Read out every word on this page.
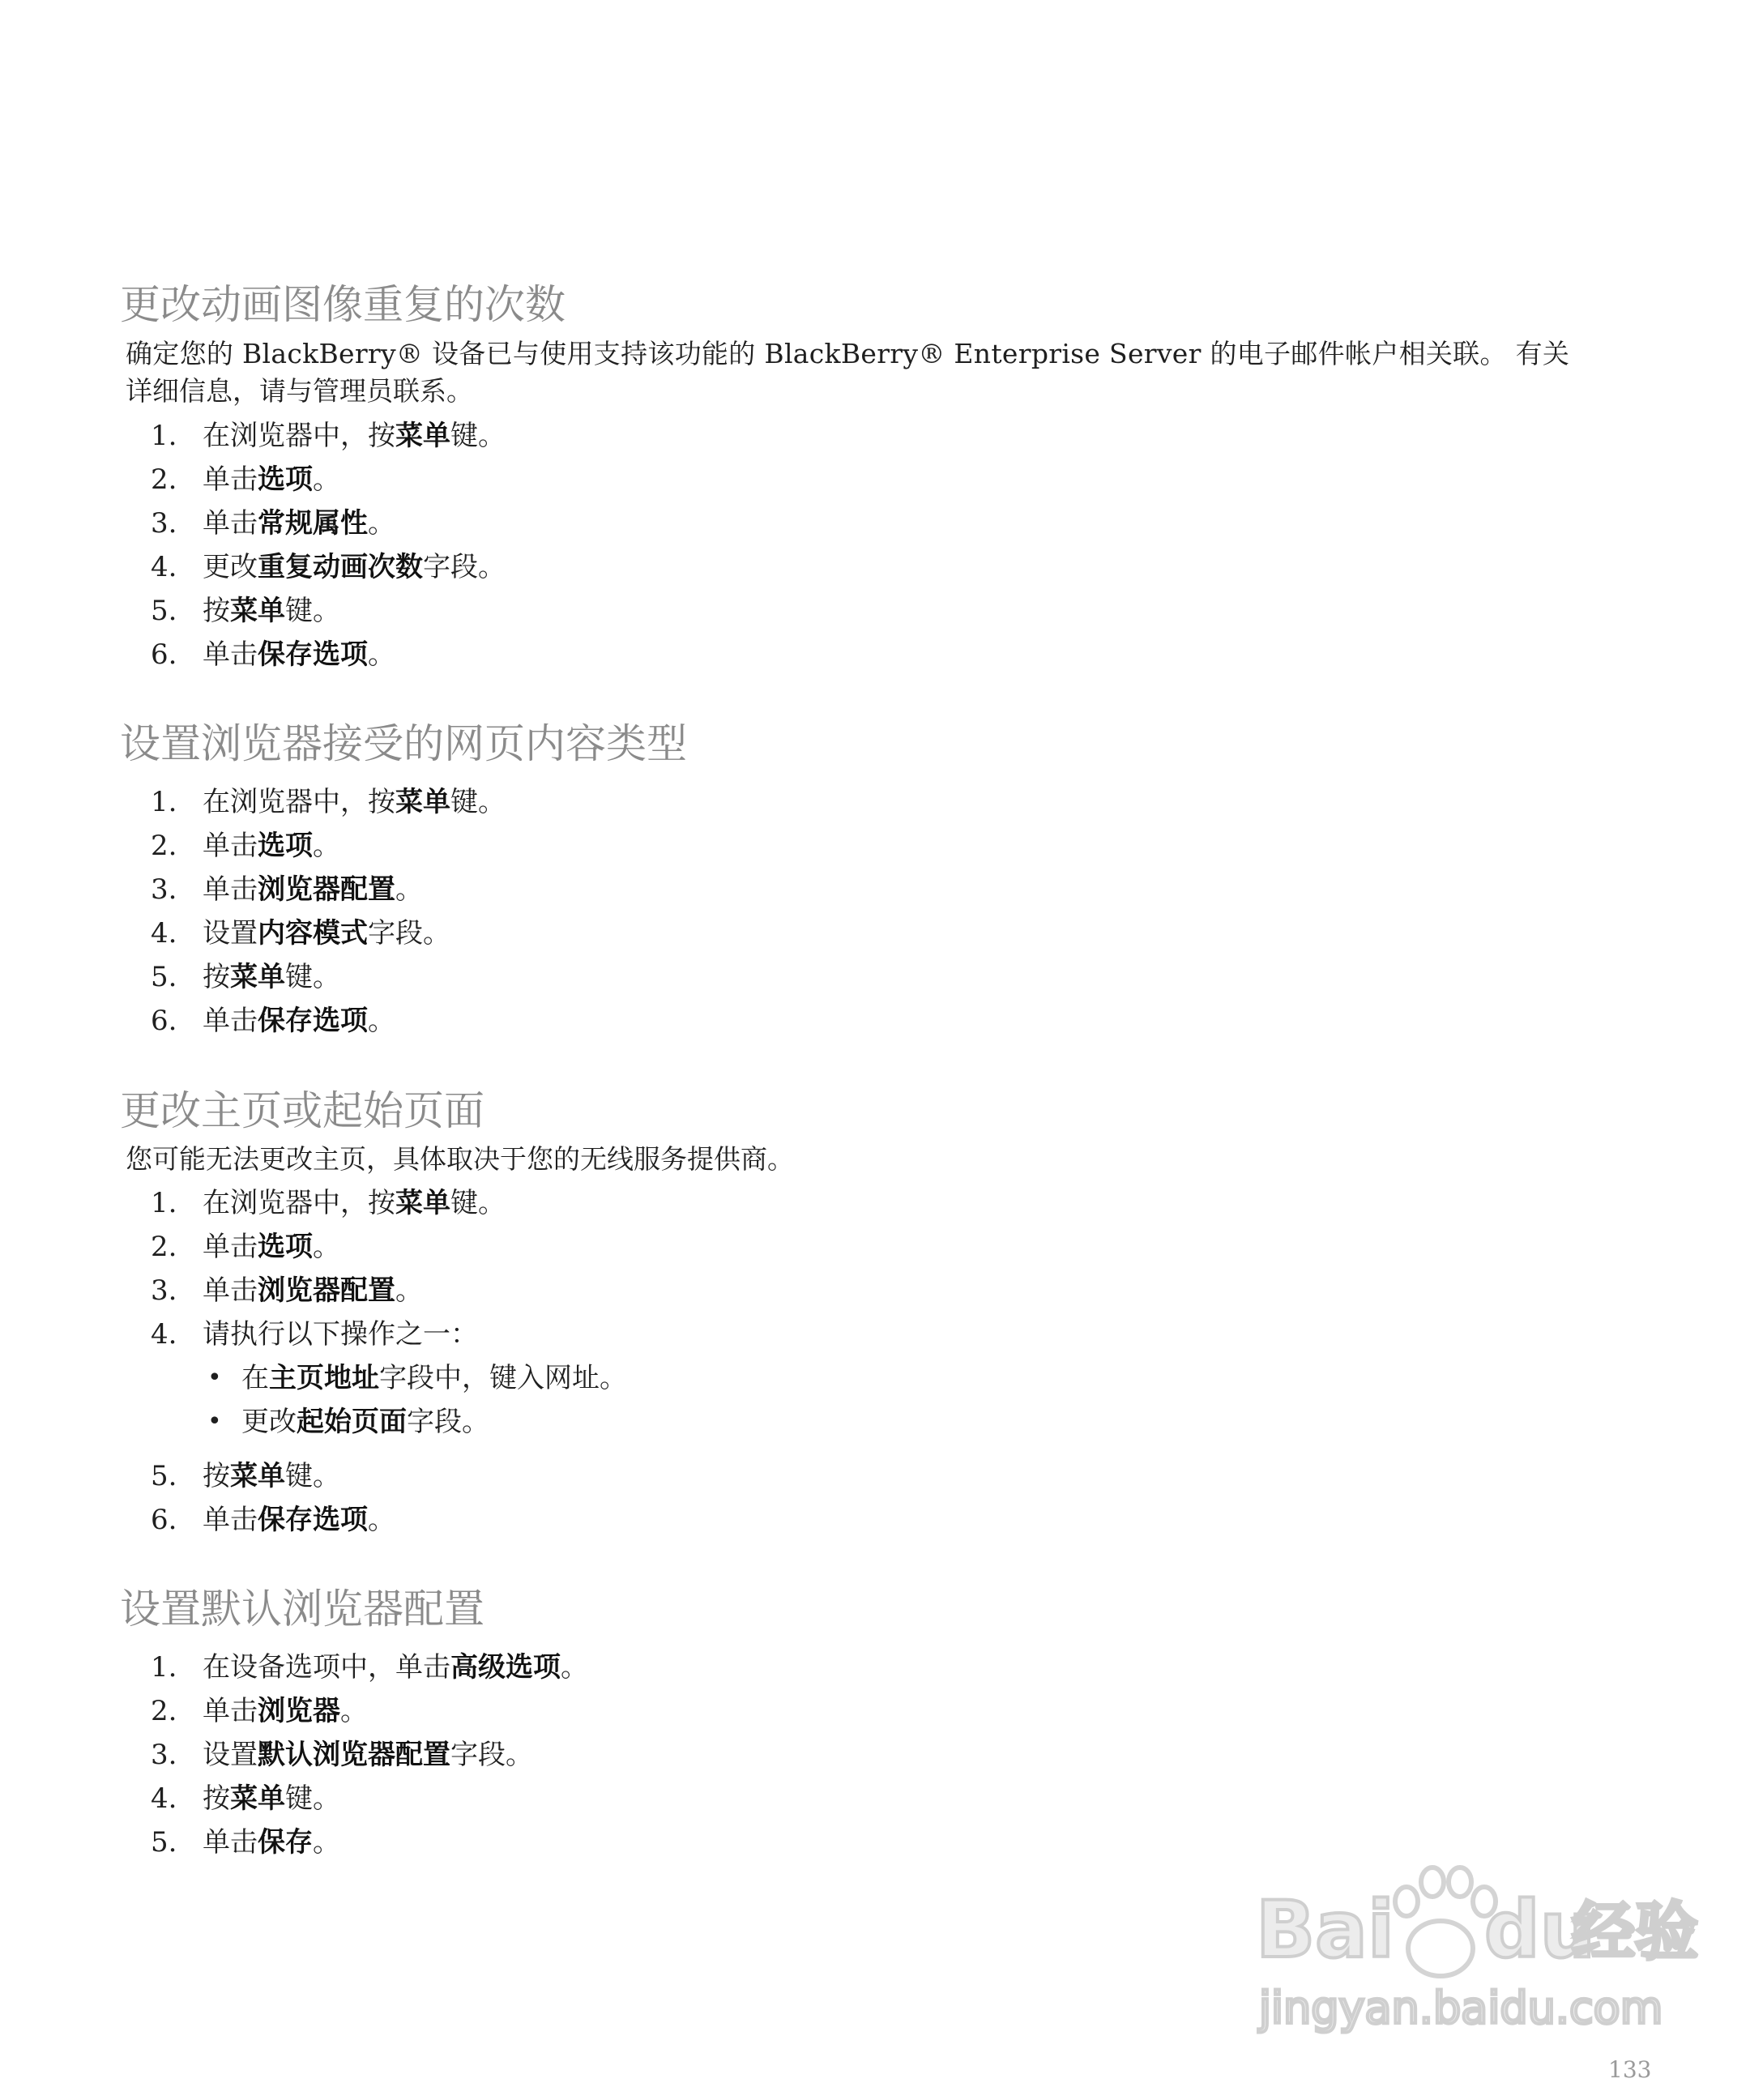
更改动画图像重复的次数

确定您的 BlackBerry® 设备已与使用支持该功能的 BlackBerry® Enterprise Server 的电子邮件帐户相关联。 有关

详细信息，请与管理员联系。

1. 在浏览器中，按菜单键。
2. 单击选项。
3. 单击常规属性。
4. 更改重复动画次数字段。
5. 按菜单键。
6. 单击保存选项。
设置浏览器接受的网页内容类型
1. 在浏览器中，按菜单键。
2. 单击选项。
3. 单击浏览器配置。
4. 设置内容模式字段。
5. 按菜单键。
6. 单击保存选项。
更改主页或起始页面

您可能无法更改主页，具体取决于您的无线服务提供商。

1. 在浏览器中，按菜单键。
2. 单击选项。
3. 单击浏览器配置。
4. 请执行以下操作之一：
• 在主页地址字段中，键入网址。
• 更改起始页面字段。
5. 按菜单键。
6. 单击保存选项。
设置默认浏览器配置
1. 在设备选项中，单击高级选项。
2. 单击浏览器。
3. 设置默认浏览器配置字段。
4. 按菜单键。
5. 单击保存。
Bai du
经验
jingyan.baidu.com
133
